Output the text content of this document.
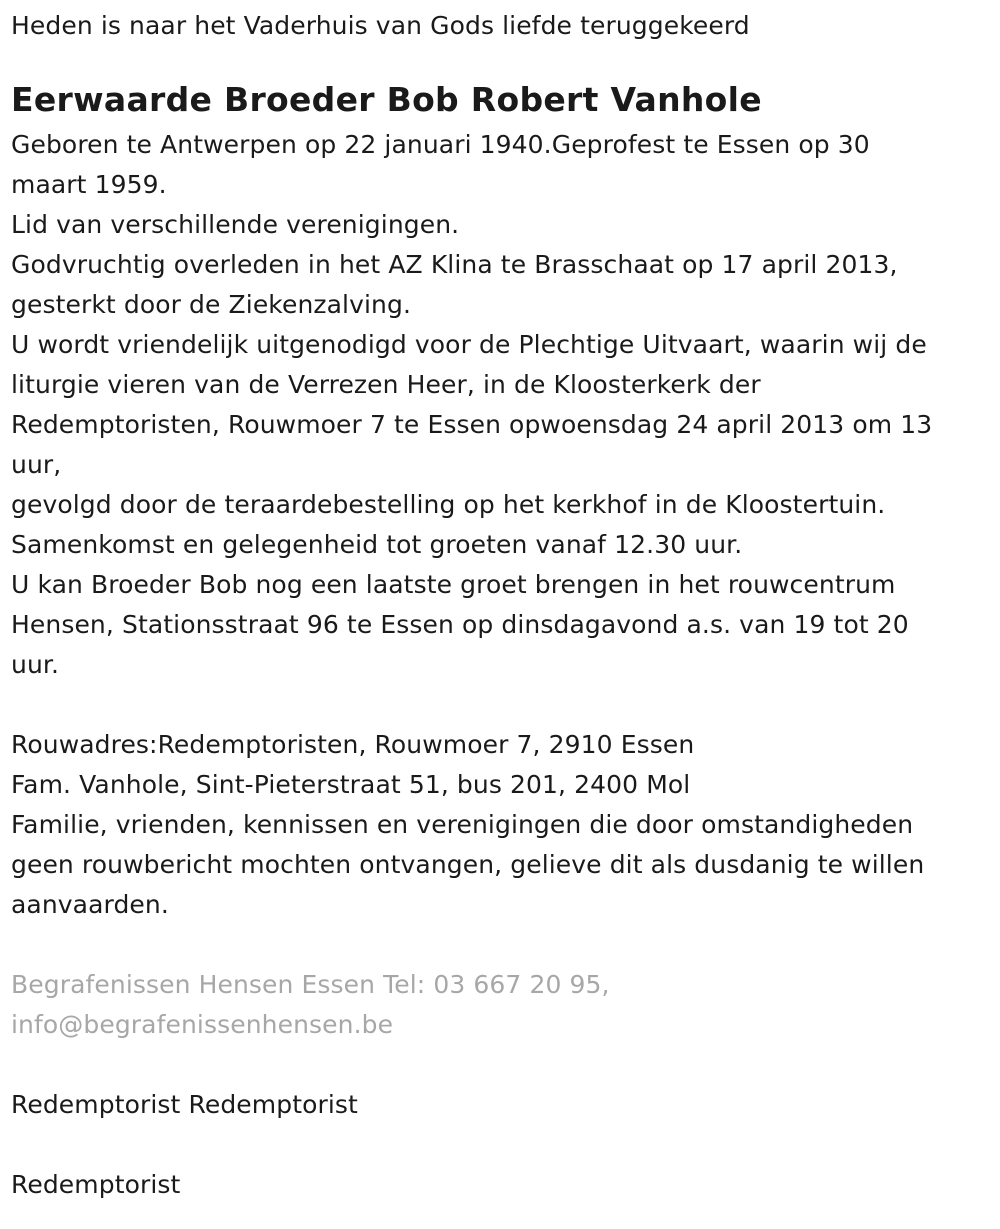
Heden is naar het Vaderhuis van Gods liefde teruggekeerd
Eerwaarde Broeder Bob Robert Vanhole
Geboren te Antwerpen op 22 januari 1940.Geprofest te Essen op 30
maart 1959.
Lid van verschillende verenigingen.
Godvruchtig overleden in het AZ Klina te Brasschaat op 17 april 2013,
gesterkt door de Ziekenzalving.
U wordt vriendelijk uitgenodigd voor de Plechtige Uitvaart, waarin wij de
liturgie vieren van de Verrezen Heer, in de Kloosterkerk der
Redemptoristen, Rouwmoer 7 te Essen opwoensdag 24 april 2013 om 13
uur,
gevolgd door de teraardebestelling op het kerkhof in de Kloostertuin.
Samenkomst en gelegenheid tot groeten vanaf 12.30 uur.
U kan Broeder Bob nog een laatste groet brengen in het rouwcentrum
Hensen, Stationsstraat 96 te Essen op dinsdagavond a.s. van 19 tot 20
uur.
Rouwadres:Redemptoristen, Rouwmoer 7, 2910 Essen
Fam. Vanhole, Sint-Pieterstraat 51, bus 201, 2400 Mol
Familie, vrienden, kennissen en verenigingen die door omstandigheden
geen rouwbericht mochten ontvangen, gelieve dit als dusdanig te willen
aanvaarden.
Begrafenissen Hensen Essen Tel: 03 667 20 95,
info@begrafenissenhensen.be
Redemptorist Redemptorist
Redemptorist
